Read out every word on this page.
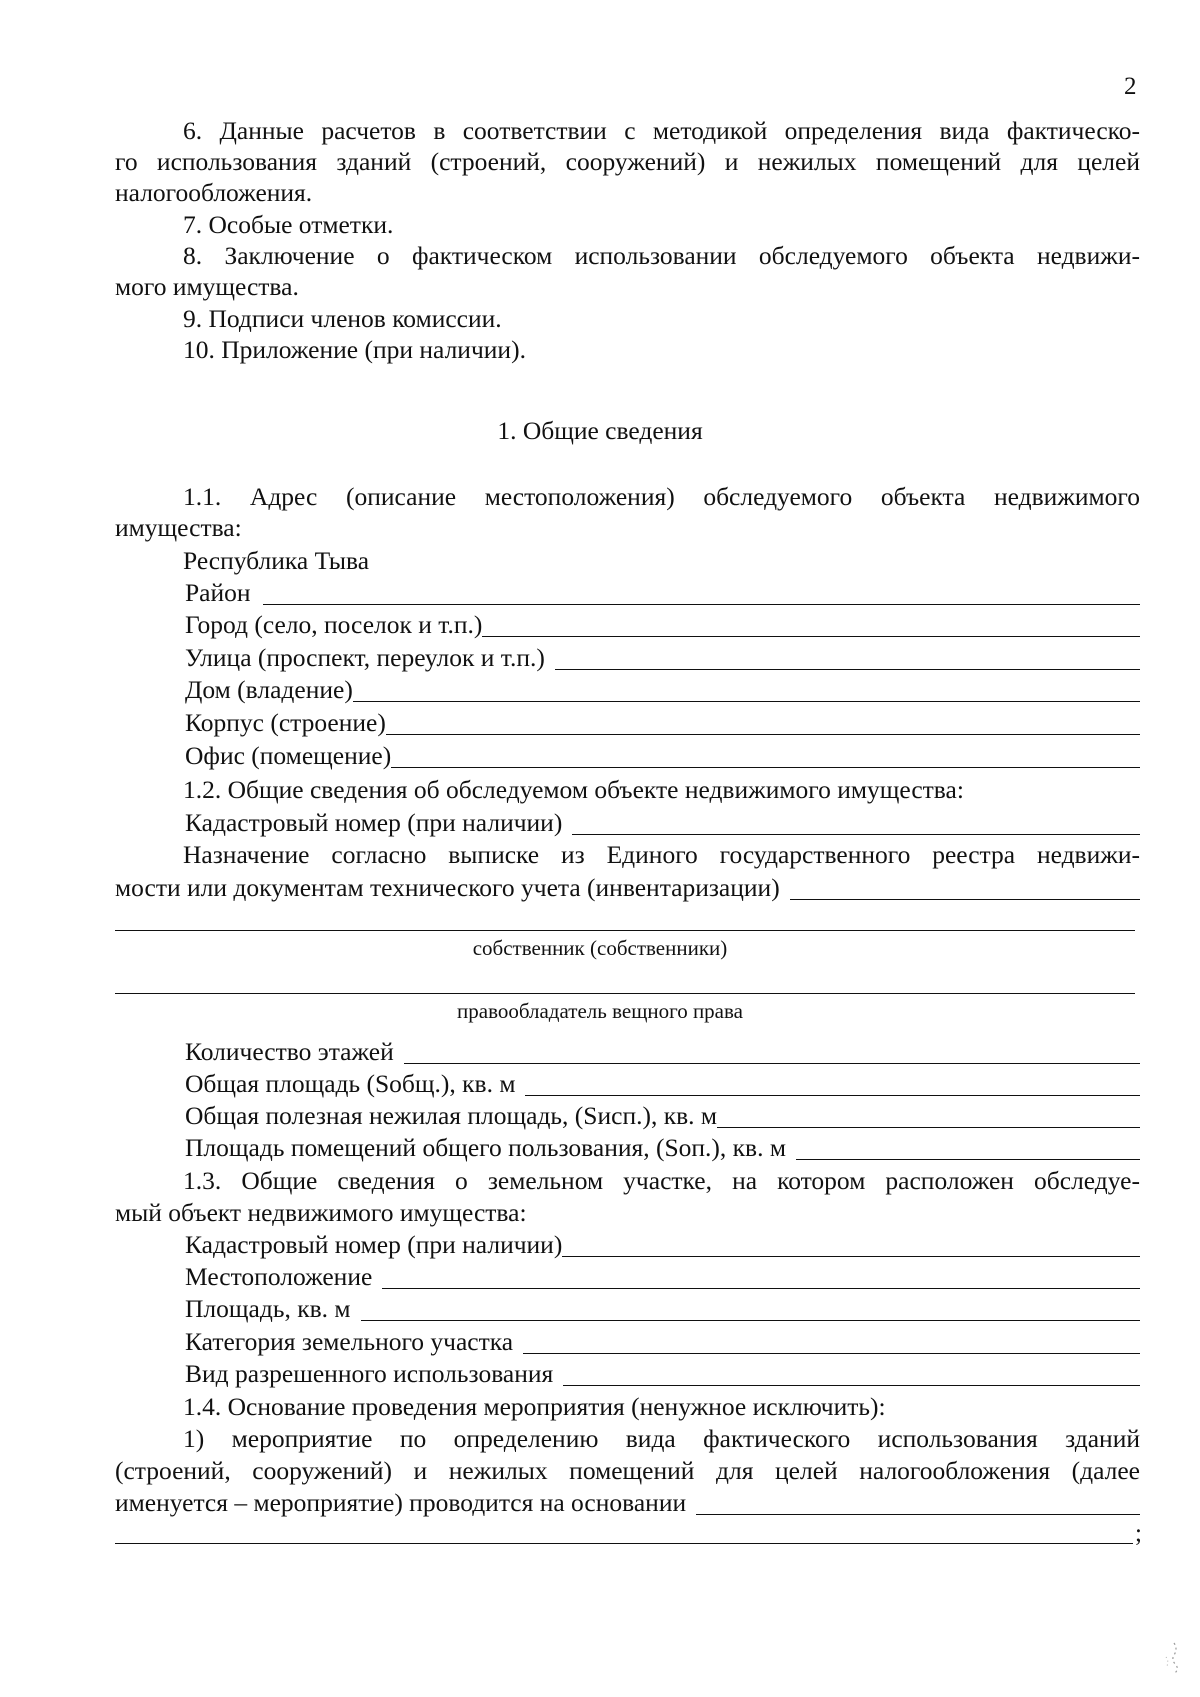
2
6. Данные расчетов в соответствии с методикой определения вида фактическо-
го использования зданий (строений, сооружений) и нежилых помещений для целей
налогообложения.
7. Особые отметки.
8. Заключение о фактическом использовании обследуемого объекта недвижи-
мого имущества.
9. Подписи членов комиссии.
10. Приложение (при наличии).
1. Общие сведения
1.1. Адрес (описание местоположения) обследуемого объекта недвижимого
имущества:
Республика Тыва
Район
Город (село, поселок и т.п.)
Улица (проспект, переулок и т.п.)
Дом (владение)
Корпус (строение)
Офис (помещение)
1.2. Общие сведения об обследуемом объекте недвижимого имущества:
Кадастровый номер (при наличии)
Назначение согласно выписке из Единого государственного реестра недвижи-
мости или документам технического учета (инвентаризации)
собственник (собственники)
правообладатель вещного права
Количество этажей
Общая площадь (Sобщ.), кв. м
Общая полезная нежилая площадь, (Sисп.), кв. м
Площадь помещений общего пользования, (Sоп.), кв. м
1.3. Общие сведения о земельном участке, на котором расположен обследуе-
мый объект недвижимого имущества:
Кадастровый номер (при наличии)
Местоположение
Площадь, кв. м
Категория земельного участка
Вид разрешенного использования
1.4. Основание проведения мероприятия (ненужное исключить):
1) мероприятие по определению вида фактического использования зданий
(строений, сооружений) и нежилых помещений для целей налогообложения (далее
именуется – мероприятие) проводится на основании
;
